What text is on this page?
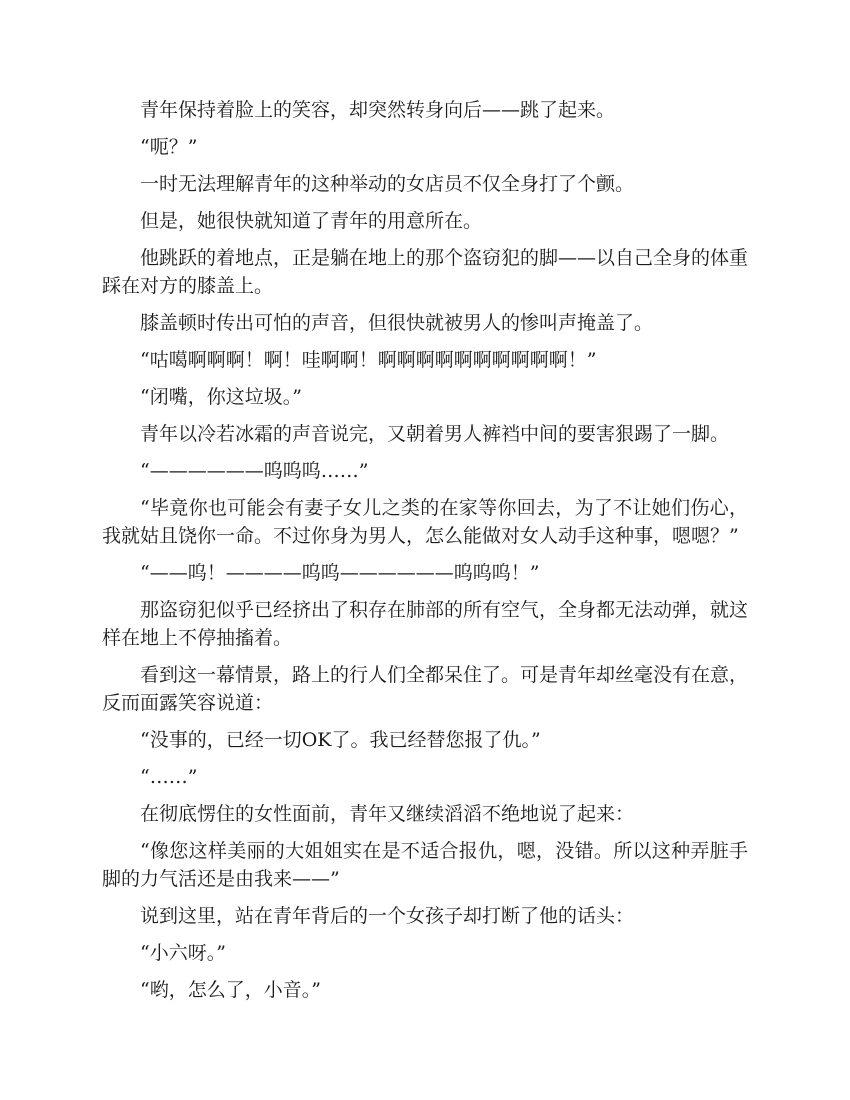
青年保持着脸上的笑容，却突然转身向后——跳了起来。

“呃？”

一时无法理解青年的这种举动的女店员不仅全身打了个颤。

但是，她很快就知道了青年的用意所在。

他跳跃的着地点，正是躺在地上的那个盗窃犯的脚——以自己全身的体重踩在对方的膝盖上。

膝盖顿时传出可怕的声音，但很快就被男人的惨叫声掩盖了。

“咕噶啊啊啊！啊！哇啊啊！啊啊啊啊啊啊啊啊啊啊！”

“闭嘴，你这垃圾。”

青年以冷若冰霜的声音说完，又朝着男人裤裆中间的要害狠踢了一脚。

“——————呜呜呜……”

“毕竟你也可能会有妻子女儿之类的在家等你回去，为了不让她们伤心，我就姑且饶你一命。不过你身为男人，怎么能做对女人动手这种事，嗯嗯？”

“——呜！————呜呜——————呜呜呜！”

那盗窃犯似乎已经挤出了积存在肺部的所有空气，全身都无法动弹，就这样在地上不停抽搐着。

看到这一幕情景，路上的行人们全都呆住了。可是青年却丝毫没有在意，反而面露笑容说道：

“没事的，已经一切OK了。我已经替您报了仇。”

“……”

在彻底愣住的女性面前，青年又继续滔滔不绝地说了起来：

“像您这样美丽的大姐姐实在是不适合报仇，嗯，没错。所以这种弄脏手脚的力气活还是由我来——”

说到这里，站在青年背后的一个女孩子却打断了他的话头：

“小六呀。”

“哟，怎么了，小音。”
